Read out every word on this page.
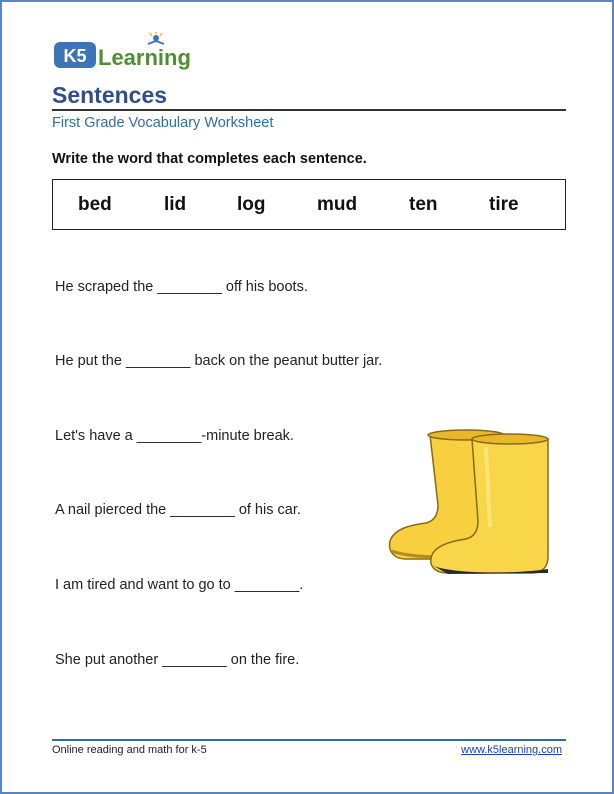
K5 Learning
Sentences
First Grade Vocabulary Worksheet
Write the word that completes each sentence.
bed	lid	log	mud	ten	tire
He scraped the ________ off his boots.
He put the ________ back on the peanut butter jar.
Let's have a ________-minute break.
A nail pierced the ________ of his car.
I am tired and want to go to ________.
She put another ________ on the fire.
Online reading and math for k-5	www.k5learning.com
